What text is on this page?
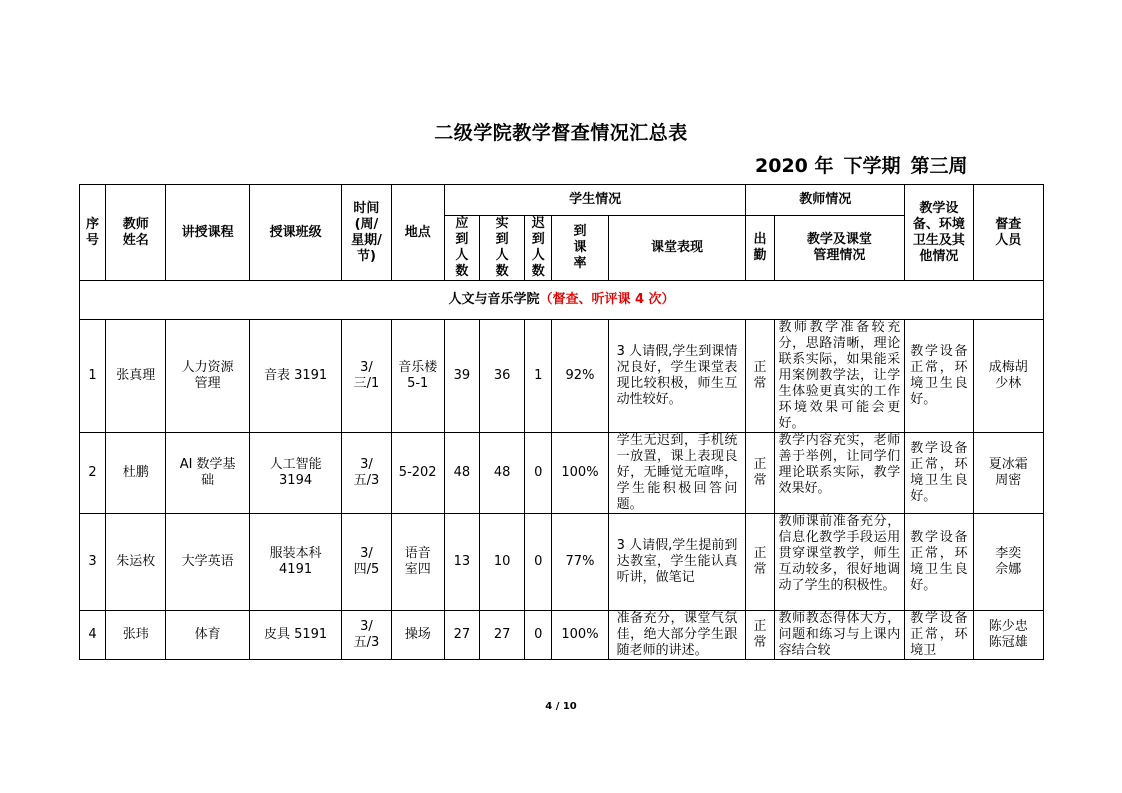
二级学院教学督查情况汇总表
2020 年 下学期 第三周
序号	教师姓名	讲授课程	授课班级	时间(周/星期/节)	地点	学生情况					教师情况		教学设备、环境卫生及其他情况	督查人员
						应到人数	实到人数	迟到人数	到课率	课堂表现	出勤	教学及课堂管理情况		
人文与音乐学院（督查、听评课 4 次）														
1	张真理	人力资源管理	音表 3191	3/三/1	音乐楼 5-1	39	36	1	92%	3 人请假,学生到课情况良好，学生课堂表现比较积极，师生互动性较好。	正常	教师教学准备较充分，思路清晰，理论联系实际，如果能采用案例教学法，让学生体验更真实的工作环境效果可能会更好。	教学设备正常，环境卫生良好。	成梅胡少林
2	杜鹏	AI 数学基础	人工智能 3194	3/五/3	5-202	48	48	0	100%	学生无迟到，手机统一放置，课上表现良好，无睡觉无喧哗，学生能积极回答问题。	正常	教学内容充实，老师善于举例，让同学们理论联系实际，教学效果好。	教学设备正常，环境卫生良好。	夏冰霜周密
3	朱运枚	大学英语	服装本科 4191	3/四/5	语音室四	13	10	0	77%	3 人请假,学生提前到达教室，学生能认真听讲，做笔记	正常	教师课前准备充分，信息化教学手段运用贯穿课堂教学，师生互动较多，很好地调动了学生的积极性。	教学设备正常，环境卫生良好。	李奕佘娜
4	张玮	体育	皮具 5191	3/五/3	操场	27	27	0	100%	准备充分，课堂气氛佳，绝大部分学生跟随老师的讲述。	正常	教师教态得体大方，问题和练习与上课内容结合较	教学设备正常，环境卫	陈少忠陈冠雄
4 / 10
